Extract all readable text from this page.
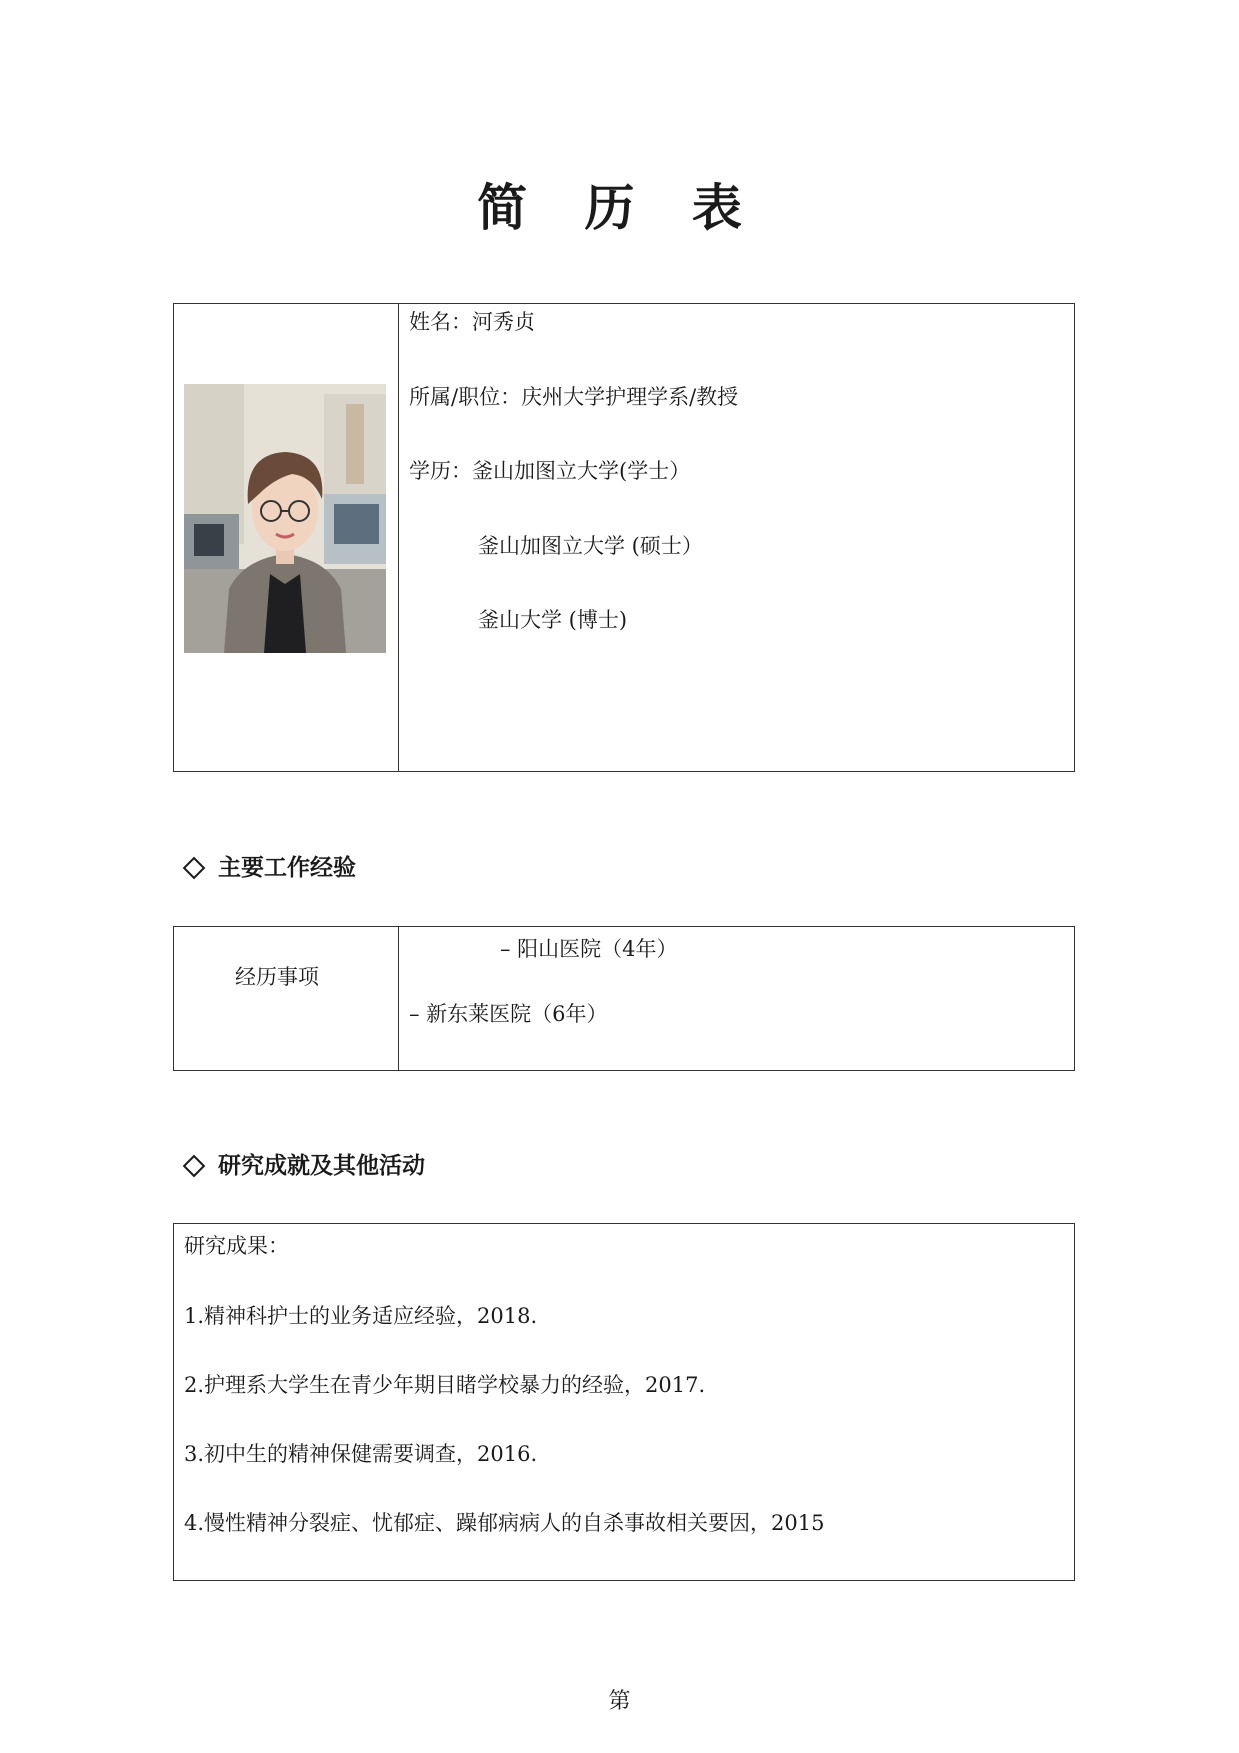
简 历 表
姓名：河秀贞
所属/职位：庆州大学护理学系/教授
学历：釜山加图立大学(学士）
釜山加图立大学 (硕士）
釜山大学 (博士)
主要工作经验
经历事项
– 阳山医院（4年）
– 新东莱医院（6年）
研究成就及其他活动
研究成果：
1.精神科护士的业务适应经验，2018.
2.护理系大学生在青少年期目睹学校暴力的经验，2017.
3.初中生的精神保健需要调查，2016.
4.慢性精神分裂症、忧郁症、躁郁病病人的自杀事故相关要因，2015
第
